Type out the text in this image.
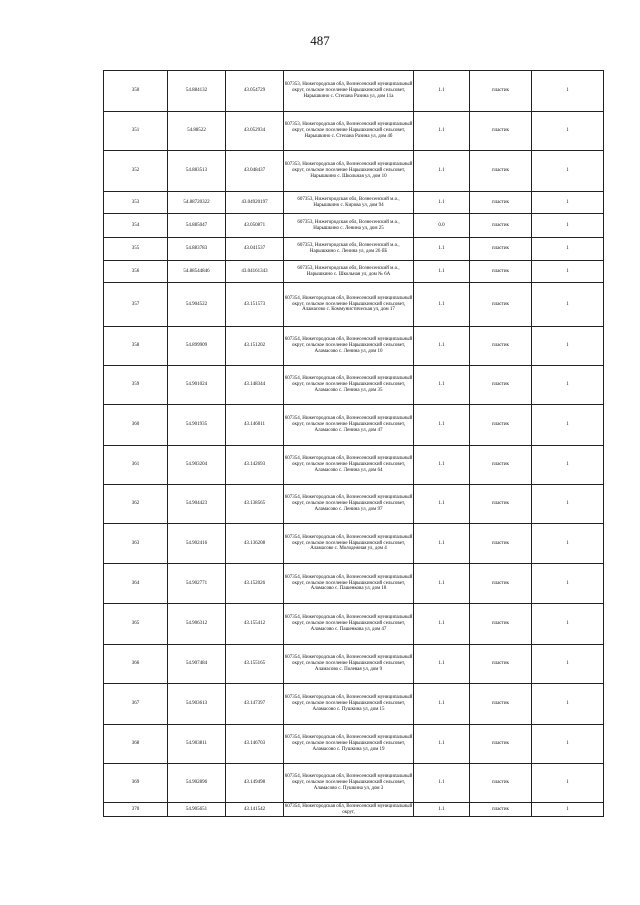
487
350	54.884132	43.054729	607353, Нижегородская обл, Вознесенский муниципальный округ, сельское поселение Нарышкинский сельсовет, Нарышкино с. Степана Разина ул, дом 11а	1.1	пластик	1
351	54.88522	43.052934	607353, Нижегородская обл, Вознесенский муниципальный округ, сельское поселение Нарышкинский сельсовет, Нарышкино с. Степана Разина ул, дом 4б	1.1	пластик	1
352	54.883513	43.048437	607353, Нижегородская обл, Вознесенский муниципальный округ, сельское поселение Нарышкинский сельсовет, Нарышкино с. Школьная ул, дом 10	1.1	пластик	1
353	54.88720322	43.04920197	607353, Нижегородская обл, Вознесенский м.о., Нарышкино с. Кирова ул, дом 94	1.1	пластик	1
354	54.885047	43.050871	607353, Нижегородская обл, Вознесенский м.о., Нарышкино с. Ленина ул, дом 25	0.0	пластик	1
355	54.883783	43.041537	607353, Нижегородская обл, Вознесенский м.о., Нарышкино с. Ленина ул, дом 26 бБ	1.1	пластик	1
356	54.88544846	43.04161343	607353, Нижегородская обл, Вознесенский м.о., Нарышкино с. Школьная ул, дом № 6А	1.1	пластик	1
357	54.904522	43.151573	607354, Нижегородская обл, Вознесенский муниципальный округ, сельское поселение Нарышкинский сельсовет, Аламасово с. Коммунистическая ул, дом 17	1.1	пластик	1
358	54.899909	43.151202	607354, Нижегородская обл, Вознесенский муниципальный округ, сельское поселение Нарышкинский сельсовет, Аламасово с. Ленина ул, дом 10	1.1	пластик	1
359	54.901024	43.148344	607354, Нижегородская обл, Вознесенский муниципальный округ, сельское поселение Нарышкинский сельсовет, Аламасово с. Ленина ул, дом 35	1.1	пластик	1
360	54.901935	43.146011	607354, Нижегородская обл, Вознесенский муниципальный округ, сельское поселение Нарышкинский сельсовет, Аламасово с. Ленина ул, дом 47	1.1	пластик	1
361	54.903204	43.142693	607354, Нижегородская обл, Вознесенский муниципальный округ, сельское поселение Нарышкинский сельсовет, Аламасово с. Ленина ул, дом 64	1.1	пластик	1
362	54.904423	43.138565	607354, Нижегородская обл, Вознесенский муниципальный округ, сельское поселение Нарышкинский сельсовет, Аламасово с. Ленина ул, дом 97	1.1	пластик	1
363	54.902416	43.136208	607354, Нижегородская обл, Вознесенский муниципальный округ, сельское поселение Нарышкинский сельсовет, Аламасово с. Молодежная ул, дом 4	1.1	пластик	1
364	54.902771	43.152026	607354, Нижегородская обл, Вознесенский муниципальный округ, сельское поселение Нарышкинский сельсовет, Аламасово с. Пашенкова ул, дом 18	1.1	пластик	1
365	54.906312	43.155412	607354, Нижегородская обл, Вознесенский муниципальный округ, сельское поселение Нарышкинский сельсовет, Аламасово с. Пашенкова ул, дом 47	1.1	пластик	1
366	54.907484	43.155165	607354, Нижегородская обл, Вознесенский муниципальный округ, сельское поселение Нарышкинский сельсовет, Аламасово с. Полевая ул, дом 9	1.1	пластик	1
367	54.903613	43.147397	607354, Нижегородская обл, Вознесенский муниципальный округ, сельское поселение Нарышкинский сельсовет, Аламасово с. Пушкина ул, дом 15	1.1	пластик	1
368	54.903811	43.146703	607354, Нижегородская обл, Вознесенский муниципальный округ, сельское поселение Нарышкинский сельсовет, Аламасово с. Пушкина ул, дом 19	1.1	пластик	1
369	54.902896	43.149498	607354, Нижегородская обл, Вознесенский муниципальный округ, сельское поселение Нарышкинский сельсовет, Аламасово с. Пушкина ул, дом 3	1.1	пластик	1
370	54.905651	43.141542	607354, Нижегородская обл, Вознесенский муниципальный округ,	1.1	пластик	1
